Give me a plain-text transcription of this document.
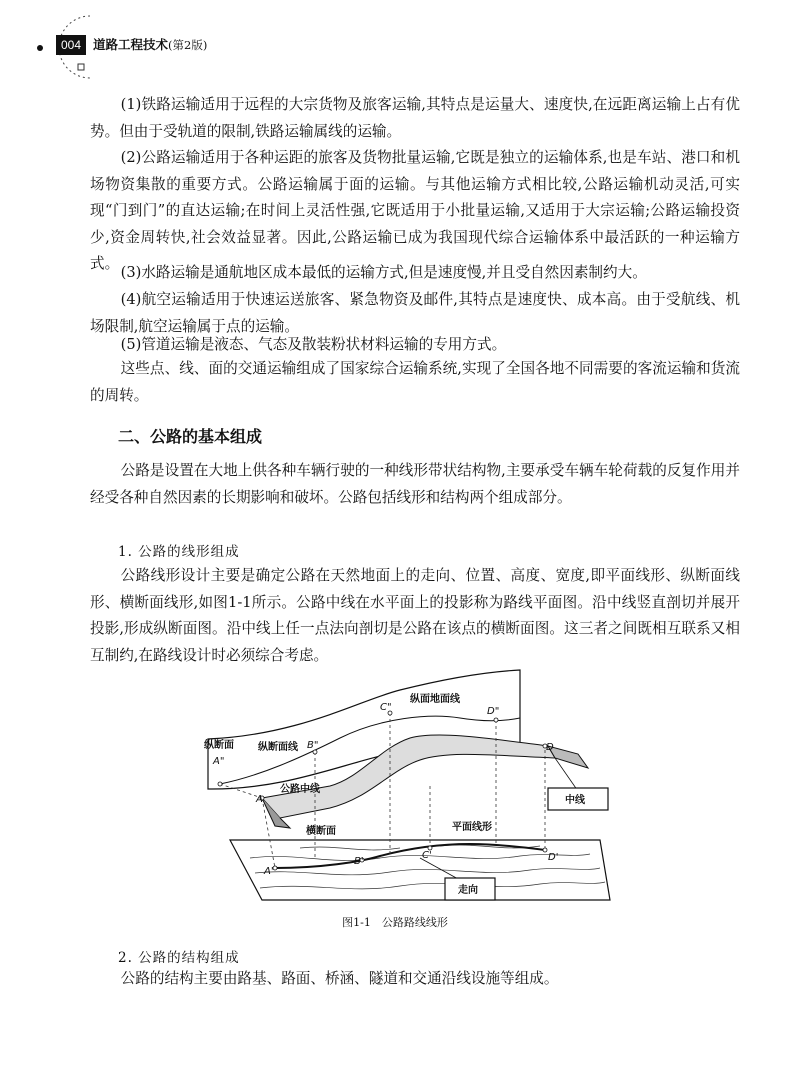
004 道路工程技术(第2版)

(1)铁路运输适用于远程的大宗货物及旅客运输,其特点是运量大、速度快,在远距离运输上占有优势。但由于受轨道的限制,铁路运输属线的运输。

(2)公路运输适用于各种运距的旅客及货物批量运输,它既是独立的运输体系,也是车站、港口和机场物资集散的重要方式。公路运输属于面的运输。与其他运输方式相比较,公路运输机动灵活,可实现“门到门”的直达运输;在时间上灵活性强,它既适用于小批量运输,又适用于大宗运输;公路运输投资少,资金周转快,社会效益显著。因此,公路运输已成为我国现代综合运输体系中最活跃的一种运输方式。

(3)水路运输是通航地区成本最低的运输方式,但是速度慢,并且受自然因素制约大。

(4)航空运输适用于快速运送旅客、紧急物资及邮件,其特点是速度快、成本高。由于受航线、机场限制,航空运输属于点的运输。

(5)管道运输是液态、气态及散装粉状材料运输的专用方式。

这些点、线、面的交通运输组成了国家综合运输系统,实现了全国各地不同需要的客流运输和货流的周转。

二、公路的基本组成

公路是设置在大地上供各种车辆行驶的一种线形带状结构物,主要承受车辆车轮荷载的反复作用并经受各种自然因素的长期影响和破坏。公路包括线形和结构两个组成部分。

1. 公路的线形组成

公路线形设计主要是确定公路在天然地面上的走向、位置、高度、宽度,即平面线形、纵断面线形、横断面线形,如图1-1所示。公路中线在水平面上的投影称为路线平面图。沿中线竖直剖切并展开投影,形成纵断面图。沿中线上任一点法向剖切是公路在该点的横断面图。这三者之间既相互联系又相互制约,在路线设计时必须综合考虑。

纵断面 纵断面线
纵面地面线
公路中线
横断面	平面线形
中线
走向
A"
B"
C"	D"
A
D
A'
B'
C'	D'
图1-1　公路路线线形

2. 公路的结构组成

公路的结构主要由路基、路面、桥涵、隧道和交通沿线设施等组成。
